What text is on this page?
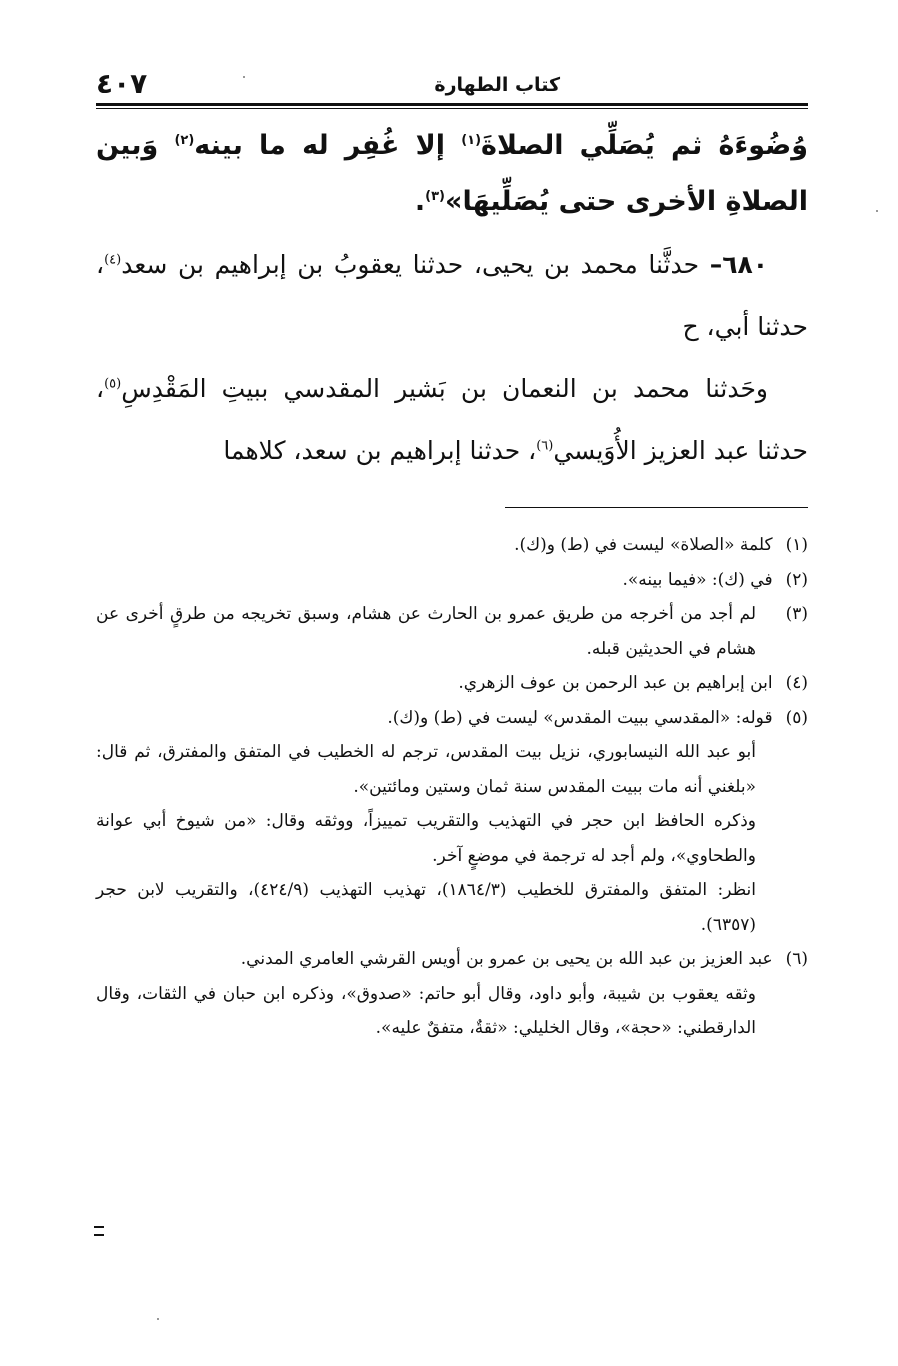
٤٠٧	كتاب الطهارة

وُضُوءَهُ ثم يُصَلِّي الصلاةَ$^{(١)}$ إلا غُفِر له ما بينه$^{(٢)}$ وَبين الصلاةِ الأخرى حتى يُصَلِّيهَا»$^{(٣)}$.

٦٨٠– حدثَّنا محمد بن يحيى، حدثنا يعقوبُ بن إبراهيم بن سعد$^{(٤)}$، حدثنا أبي، ح

وحَدثنا محمد بن النعمان بن بَشير المقدسي ببيتِ المَقْدِسِ$^{(٥)}$، حدثنا عبد العزيز الأُوَيسي$^{(٦)}$، حدثنا إبراهيم بن سعد، كلاهما

(١) كلمة «الصلاة» ليست في (ط) و(ك).

(٢) في (ك): «فيما بينه».

(٣)لم أجد من أخرجه من طريق عمرو بن الحارث عن هشام، وسبق تخريجه من طرقٍ أخرى عن هشام في الحديثين قبله.

(٤) ابن إبراهيم بن عبد الرحمن بن عوف الزهري.

(٥) قوله: «المقدسي ببيت المقدس» ليست في (ط) و(ك).

أبو عبد الله النيسابوري، نزيل بيت المقدس، ترجم له الخطيب في المتفق والمفترق، ثم قال: «بلغني أنه مات ببيت المقدس سنة ثمان وستين ومائتين».

وذكره الحافظ ابن حجر في التهذيب والتقريب تمييزاً، ووثقه وقال: «من شيوخ أبي عوانة والطحاوي»، ولم أجد له ترجمة في موضعٍ آخر.

انظر: المتفق والمفترق للخطيب (١٨٦٤/٣)، تهذيب التهذيب (٤٢٤/٩)، والتقريب لابن حجر (٦٣٥٧).

(٦) عبد العزيز بن عبد الله بن يحيى بن عمرو بن أويس القرشي العامري المدني.

وثقه يعقوب بن شيبة، وأبو داود، وقال أبو حاتم: «صدوق»، وذكره ابن حبان في الثقات، وقال الدارقطني: «حجة»، وقال الخليلي: «ثقةٌ، متفقٌ عليه».
